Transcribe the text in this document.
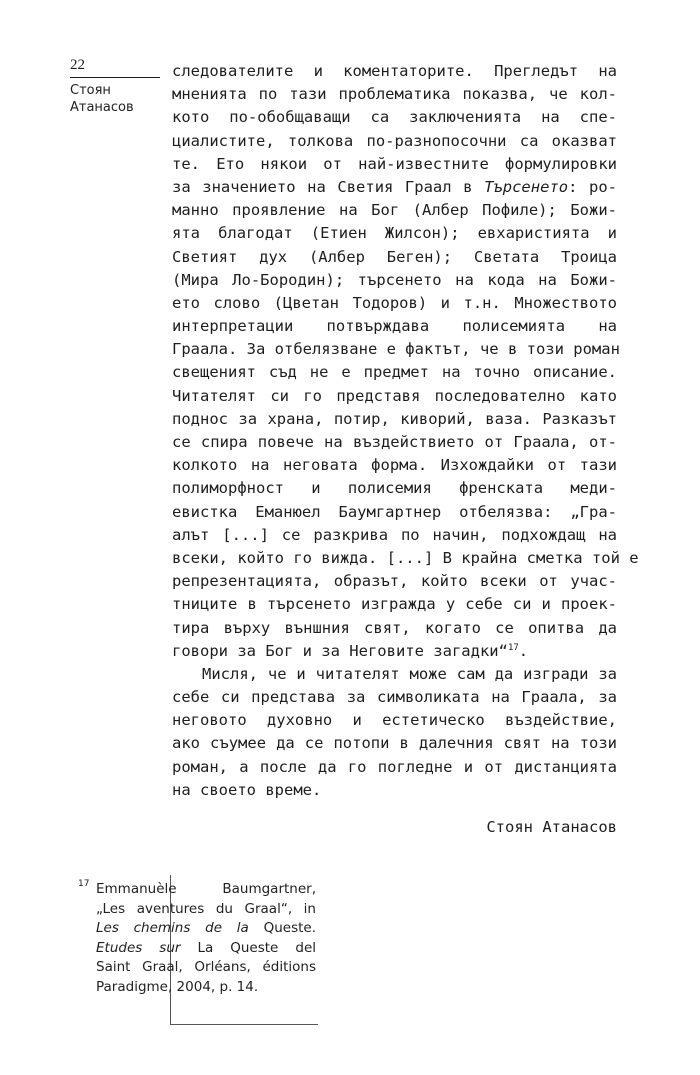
22
Стоян
Атанасов
следователите и коментаторите. Прегледът на
мненията по тази проблематика показва, че кол-
кото по-обобщаващи са заключенията на спе-
циалистите, толкова по-разнопосочни са оказват
те. Ето някои от най-известните формулировки
за значението на Светия Граал в Търсенето: ро-
манно проявление на Бог (Албер Пофиле); Божи-
ята благодат (Етиен Жилсон); евхаристията и
Светият дух (Албер Беген); Светата Троица
(Мира Ло-Бородин); търсенето на кода на Божи-
ето слово (Цветан Тодоров) и т.н. Множеството
интерпретации потвърждава полисемията на
Граала. За отбелязване е фактът, че в този роман
свещеният съд не е предмет на точно описание.
Читателят си го представя последователно като
поднос за храна, потир, киворий, ваза. Разказът
се спира повече на въздействието от Граала, от-
колкото на неговата форма. Изхождайки от тази
полиморфност и полисемия френската меди-
евистка Еманюел Баумгартнер отбелязва: „Гра-
алът [...] се разкрива по начин, подхождащ на
всеки, който го вижда. [...] В крайна сметка той е
репрезентацията, образът, който всеки от учас-
тниците в търсенето изгражда у себе си и проек-
тира върху външния свят, когато се опитва да
говори за Бог и за Неговите загадки“$^{17}$.
Мисля, че и читателят може сам да изгради за
себе си представа за символиката на Граала, за
неговото духовно и естетическо въздействие,
ако съумее да се потопи в далечния свят на този
роман, а после да го погледне и от дистанцията
на своето време.
Стоян Атанасов
17 Emmanuèle Baumgartner,
„Les aventures du Graal“, in
Les chemins de la Queste.
Etudes sur La Queste del
Saint Graal, Orléans, éditions
Paradigme, 2004, p. 14.
